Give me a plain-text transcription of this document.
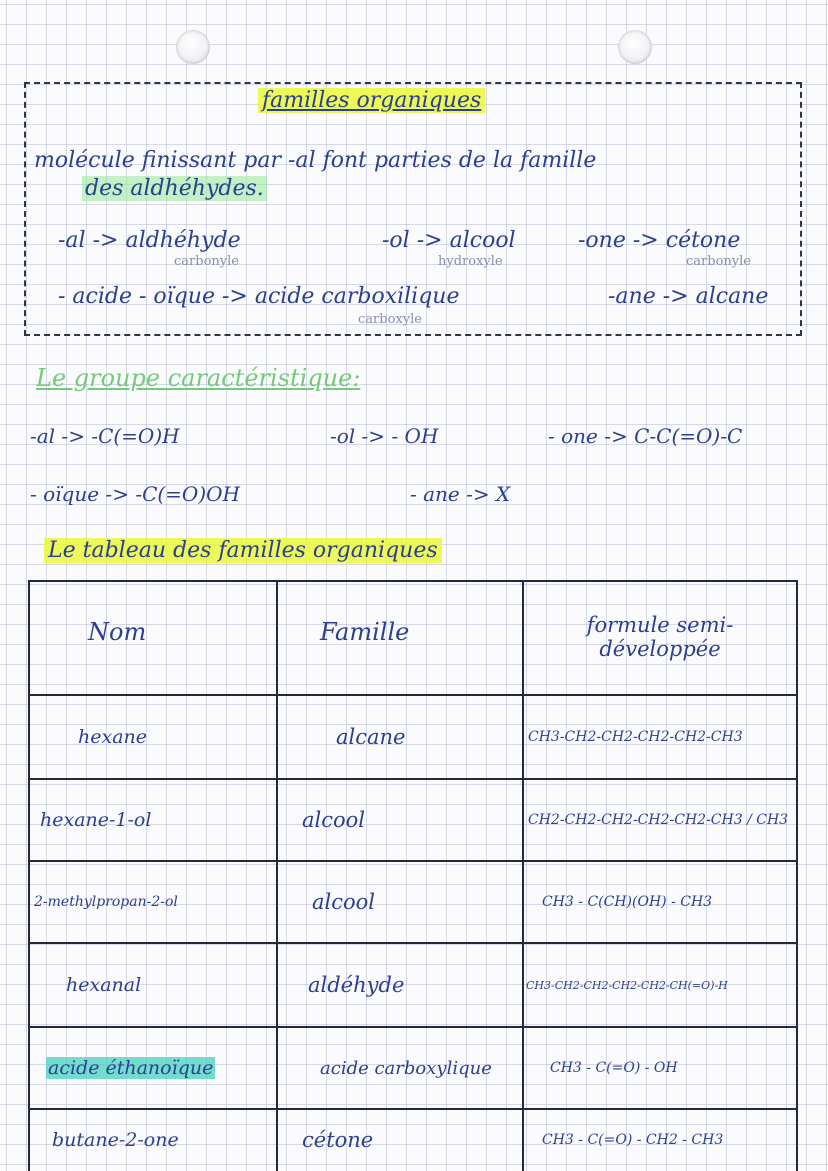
familles organiques
molécule finissant par -al font parties de la famille
des aldhéhydes.
-al -> aldhéhyde
carbonyle
-ol -> alcool
hydroxyle
-one -> cétone
carbonyle
- acide - oïque -> acide carboxilique
carboxyle
-ane -> alcane
Le groupe caractéristique:
-al -> -C(=O)H	-ol -> - OH	- one -> C-C(=O)-C
- oïque -> -C(=O)OH	- ane -> X
Le tableau des familles organiques
Nom	Famille	formule semi-développée
hexane	alcane	CH3-CH2-CH2-CH2-CH2-CH3
hexane-1-ol	alcool	CH2-CH2-CH2-CH2-CH2-CH3 / CH3
2-methylpropan-2-ol	alcool	CH3 - C(CH)(OH) - CH3
hexanal	aldéhyde	CH3-CH2-CH2-CH2-CH2-CH(=O)-H
acide éthanoïque	acide carboxylique	CH3 - C(=O) - OH
butane-2-one	cétone	CH3 - C(=O) - CH2 - CH3
